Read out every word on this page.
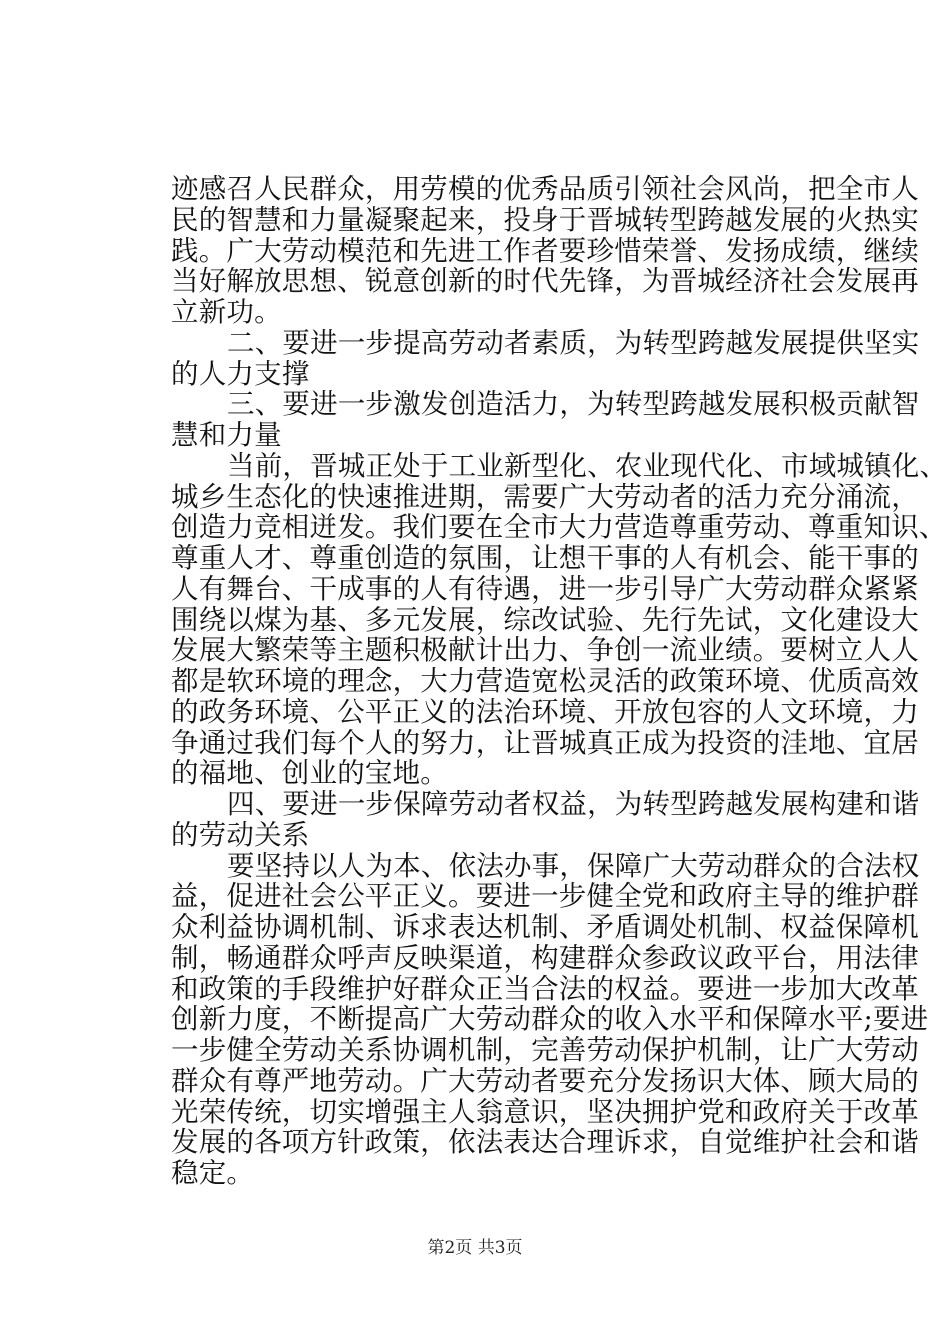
迹感召人民群众，用劳模的优秀品质引领社会风尚，把全市人
民的智慧和力量凝聚起来，投身于晋城转型跨越发展的火热实
践。广大劳动模范和先进工作者要珍惜荣誉、发扬成绩，继续
当好解放思想、锐意创新的时代先锋，为晋城经济社会发展再
立新功。
二、要进一步提高劳动者素质，为转型跨越发展提供坚实
的人力支撑
三、要进一步激发创造活力，为转型跨越发展积极贡献智
慧和力量
当前，晋城正处于工业新型化、农业现代化、市域城镇化、
城乡生态化的快速推进期，需要广大劳动者的活力充分涌流，
创造力竞相迸发。我们要在全市大力营造尊重劳动、尊重知识、
尊重人才、尊重创造的氛围，让想干事的人有机会、能干事的
人有舞台、干成事的人有待遇，进一步引导广大劳动群众紧紧
围绕以煤为基、多元发展，综改试验、先行先试，文化建设大
发展大繁荣等主题积极献计出力、争创一流业绩。要树立人人
都是软环境的理念，大力营造宽松灵活的政策环境、优质高效
的政务环境、公平正义的法治环境、开放包容的人文环境，力
争通过我们每个人的努力，让晋城真正成为投资的洼地、宜居
的福地、创业的宝地。
四、要进一步保障劳动者权益，为转型跨越发展构建和谐
的劳动关系
要坚持以人为本、依法办事，保障广大劳动群众的合法权
益，促进社会公平正义。要进一步健全党和政府主导的维护群
众利益协调机制、诉求表达机制、矛盾调处机制、权益保障机
制，畅通群众呼声反映渠道，构建群众参政议政平台，用法律
和政策的手段维护好群众正当合法的权益。要进一步加大改革
创新力度，不断提高广大劳动群众的收入水平和保障水平;要进
一步健全劳动关系协调机制，完善劳动保护机制，让广大劳动
群众有尊严地劳动。广大劳动者要充分发扬识大体、顾大局的
光荣传统，切实增强主人翁意识，坚决拥护党和政府关于改革
发展的各项方针政策，依法表达合理诉求，自觉维护社会和谐
稳定。
第2页 共3页
